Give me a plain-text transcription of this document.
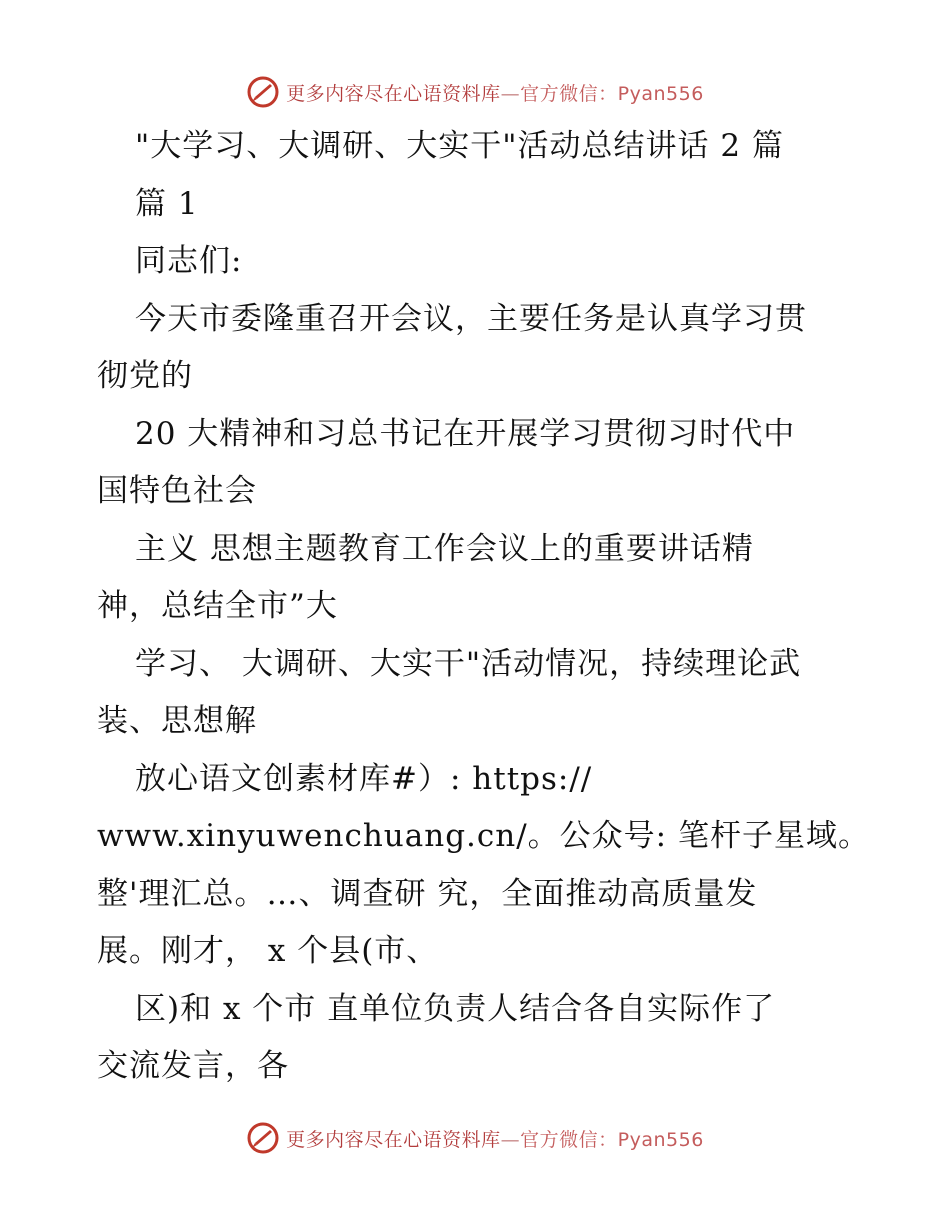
更多内容尽在心语资料库—官方微信：Pyan556
"大学习、大调研、大实干"活动总结讲话 2 篇
篇 1
同志们:
今天市委隆重召开会议，主要任务是认真学习贯
彻党的
20 大精神和习总书记在开展学习贯彻习时代中
国特色社会
主义 思想主题教育工作会议上的重要讲话精
神，总结全市”大
学习、 大调研、大实干"活动情况，持续理论武
装、思想解
放心语文创素材库#）: https://
www.xinyuwenchuang.cn/。公众号: 笔杆子星域。
整'理汇总。…、调查研 究，全面推动高质量发
展。刚才， x 个县(市、
区)和 x 个市 直单位负责人结合各自实际作了
交流发言，各
更多内容尽在心语资料库—官方微信：Pyan556
